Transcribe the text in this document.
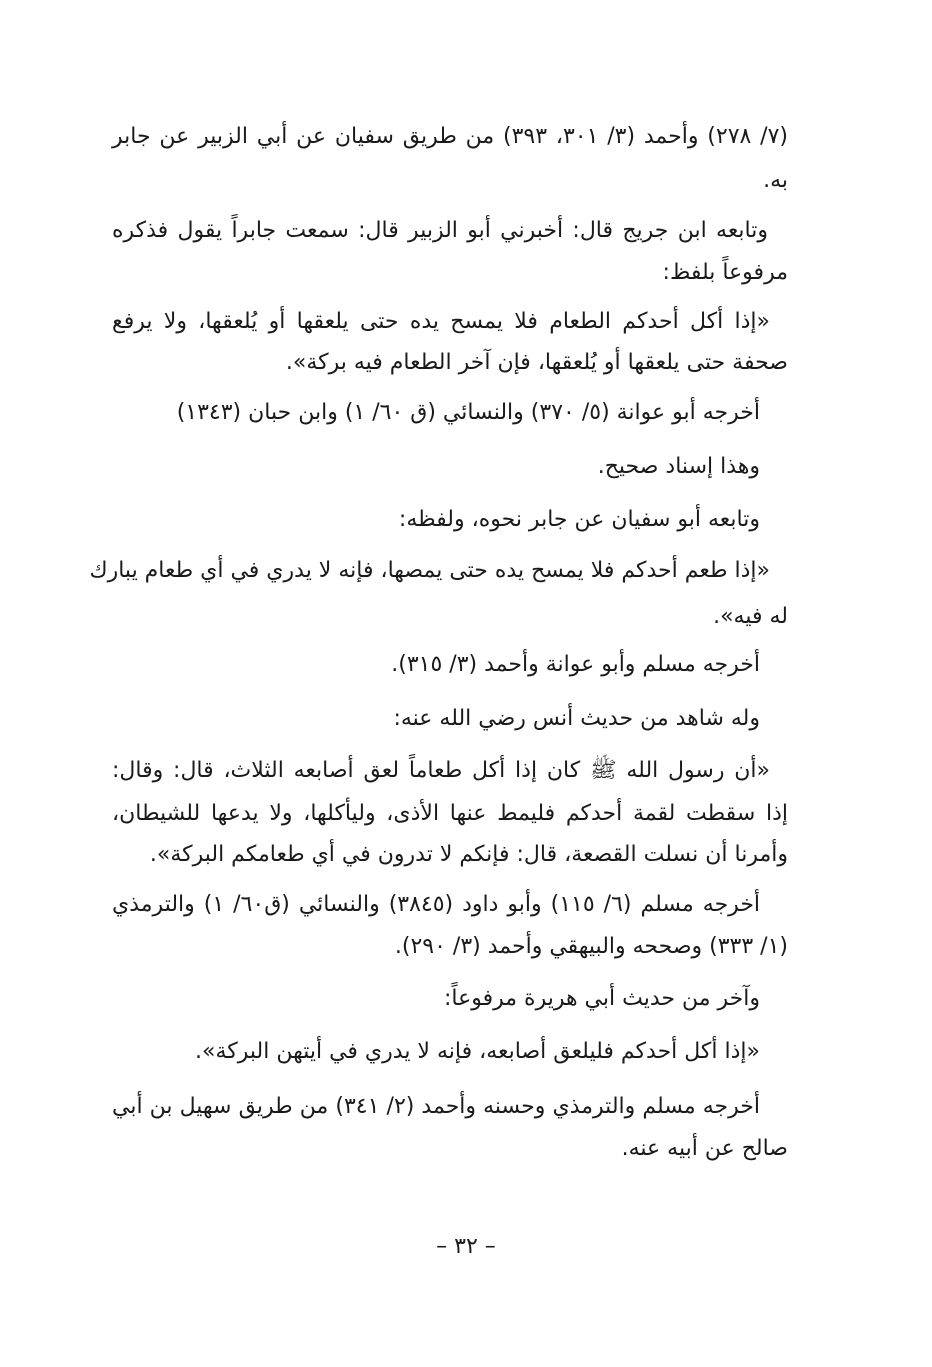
(٧/ ٢٧٨) وأحمد (٣/ ٣٠١، ٣٩٣) من طريق سفيان عن أبي الزبير عن جابر
به.
وتابعه ابن جريج قال: أخبرني أبو الزبير قال: سمعت جابراً يقول فذكره
مرفوعاً بلفظ:
«إذا أكل أحدكم الطعام فلا يمسح يده حتى يلعقها أو يُلعقها، ولا يرفع
صحفة حتى يلعقها أو يُلعقها، فإن آخر الطعام فيه بركة».
أخرجه أبو عوانة (٥/ ٣٧٠) والنسائي (ق ٦٠/ ١) وابن حبان (١٣٤٣)
وهذا إسناد صحيح.
وتابعه أبو سفيان عن جابر نحوه، ولفظه:
«إذا طعم أحدكم فلا يمسح يده حتى يمصها، فإنه لا يدري في أي طعام يبارك
له فيه».
أخرجه مسلم وأبو عوانة وأحمد (٣/ ٣١٥).
وله شاهد من حديث أنس رضي الله عنه:
«أن رسول الله ﷺ كان إذا أكل طعاماً لعق أصابعه الثلاث، قال: وقال:
إذا سقطت لقمة أحدكم فليمط عنها الأذى، وليأكلها، ولا يدعها للشيطان،
وأمرنا أن نسلت القصعة، قال: فإنكم لا تدرون في أي طعامكم البركة».
أخرجه مسلم (٦/ ١١٥) وأبو داود (٣٨٤٥) والنسائي (ق٦٠/ ١) والترمذي
(١/ ٣٣٣) وصححه والبيهقي وأحمد (٣/ ٢٩٠).
وآخر من حديث أبي هريرة مرفوعاً:
«إذا أكل أحدكم فليلعق أصابعه، فإنه لا يدري في أيتهن البركة».
أخرجه مسلم والترمذي وحسنه وأحمد (٢/ ٣٤١) من طريق سهيل بن أبي
صالح عن أبيه عنه.
– ٣٢ –
